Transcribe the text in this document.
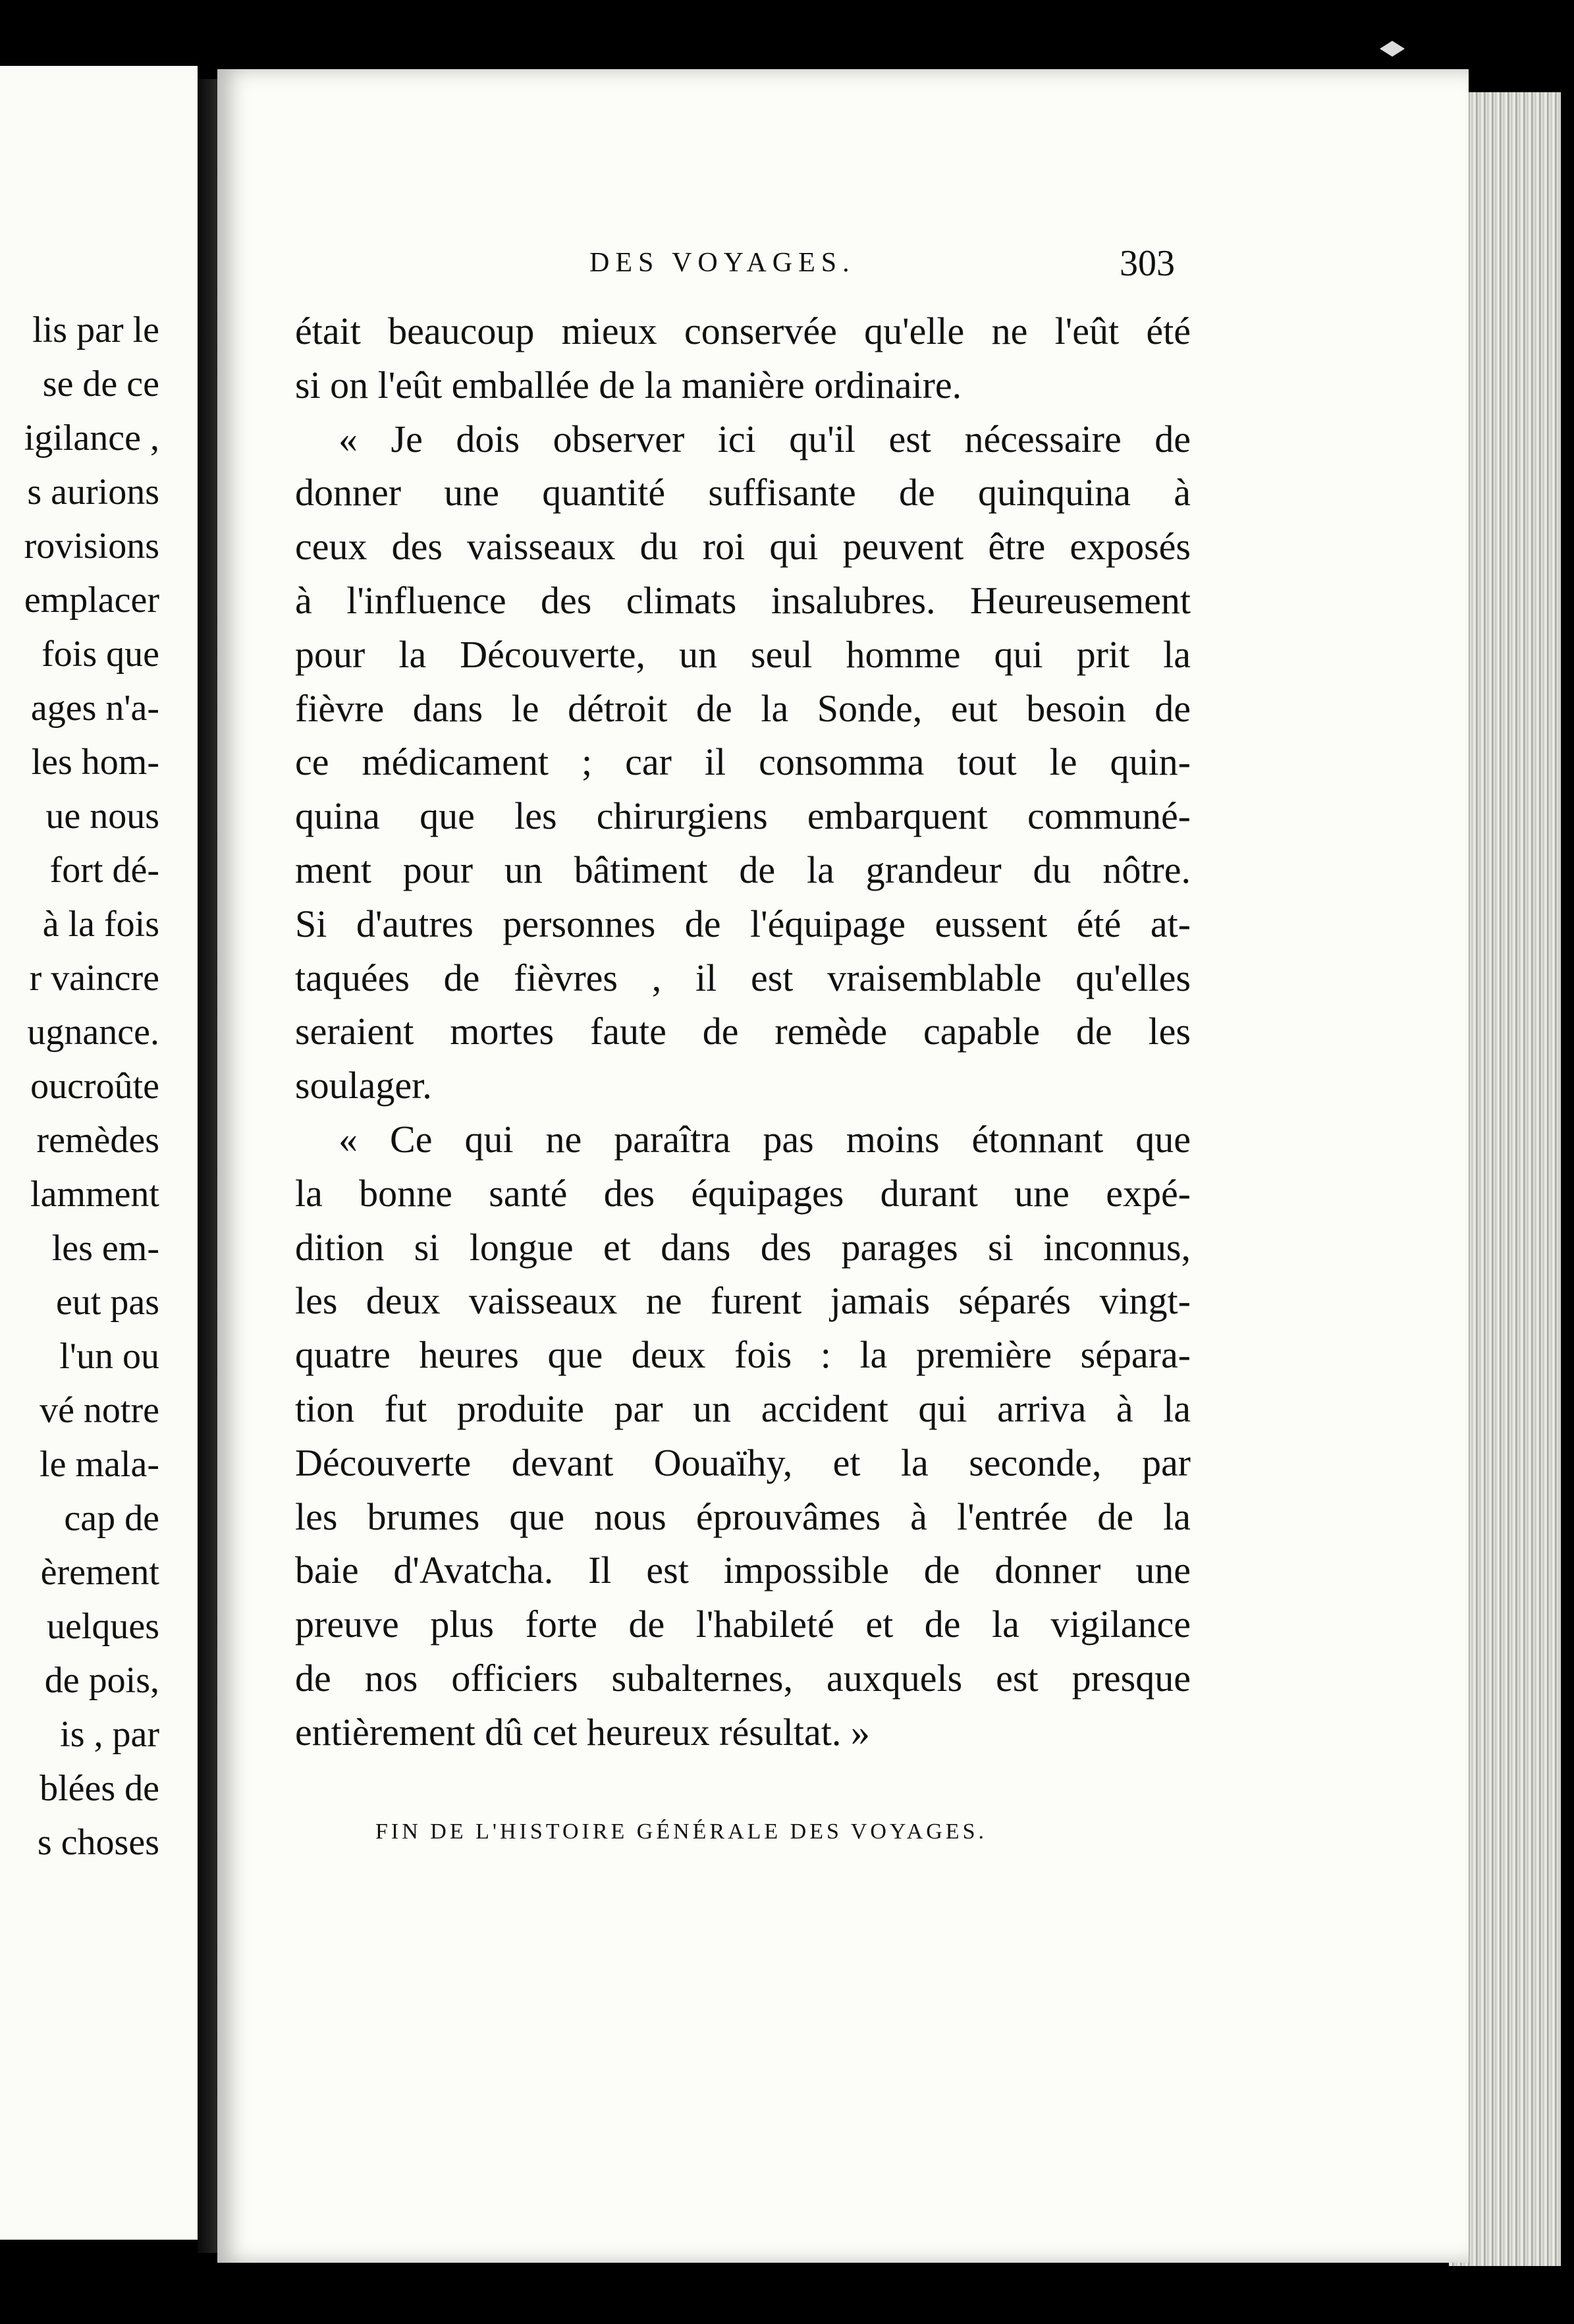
lis par le
se de ce
igilance ,
s aurions
rovisions
emplacer
fois que
ages n'a-
les hom-
ue nous
fort dé-
à la fois
r vaincre
ugnance.
oucroûte
remèdes
lamment
les em-
eut pas
l'un ou
vé notre
le mala-
cap de
èrement
uelques
de pois,
is , par
blées de
s choses
DES VOYAGES.	303
était beaucoup mieux conservée qu'elle ne l'eût été
si on l'eût emballée de la manière ordinaire.
« Je dois observer ici qu'il est nécessaire de
donner une quantité suffisante de quinquina à
ceux des vaisseaux du roi qui peuvent être exposés
à l'influence des climats insalubres. Heureusement
pour la Découverte, un seul homme qui prit la
fièvre dans le détroit de la Sonde, eut besoin de
ce médicament ; car il consomma tout le quin-
quina que les chirurgiens embarquent communé-
ment pour un bâtiment de la grandeur du nôtre.
Si d'autres personnes de l'équipage eussent été at-
taquées de fièvres , il est vraisemblable qu'elles
seraient mortes faute de remède capable de les
soulager.
« Ce qui ne paraîtra pas moins étonnant que
la bonne santé des équipages durant une expé-
dition si longue et dans des parages si inconnus,
les deux vaisseaux ne furent jamais séparés vingt-
quatre heures que deux fois : la première sépara-
tion fut produite par un accident qui arriva à la
Découverte devant Oouaïhy, et la seconde, par
les brumes que nous éprouvâmes à l'entrée de la
baie d'Avatcha. Il est impossible de donner une
preuve plus forte de l'habileté et de la vigilance
de nos officiers subalternes, auxquels est presque
entièrement dû cet heureux résultat. »
FIN DE L'HISTOIRE GÉNÉRALE DES VOYAGES.
